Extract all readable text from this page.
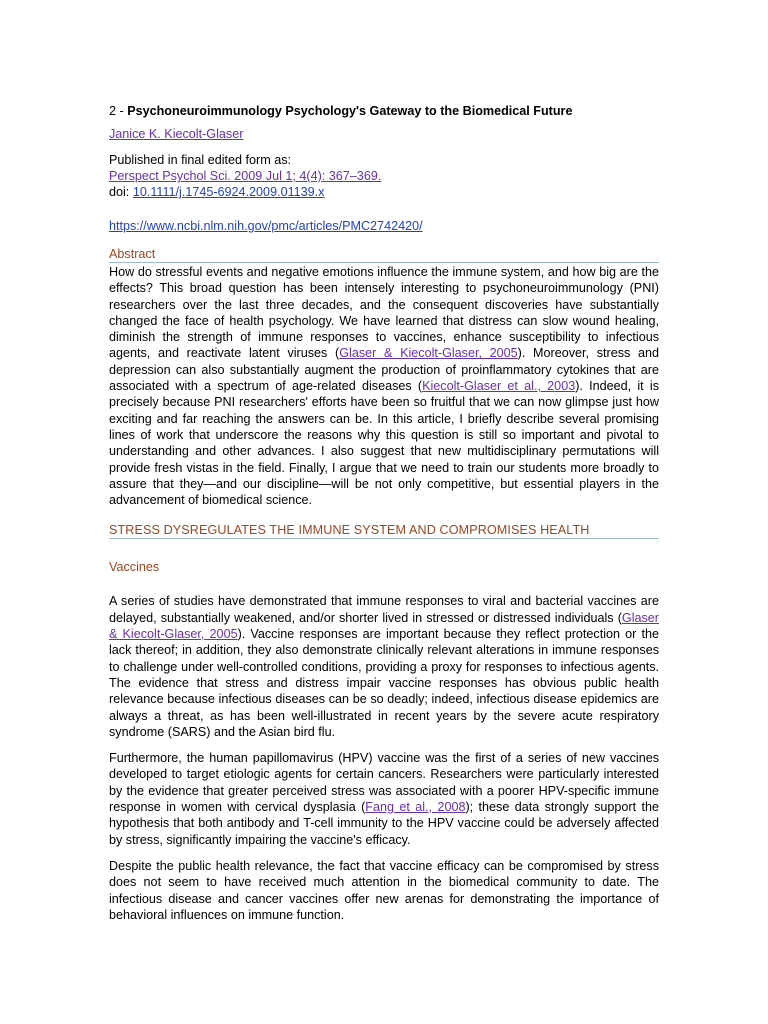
2 - Psychoneuroimmunology Psychology's Gateway to the Biomedical Future
Janice K. Kiecolt-Glaser
Published in final edited form as:
Perspect Psychol Sci. 2009 Jul 1; 4(4): 367–369.
doi: 10.1111/j.1745-6924.2009.01139.x
https://www.ncbi.nlm.nih.gov/pmc/articles/PMC2742420/
Abstract

How do stressful events and negative emotions influence the immune system, and how big are the effects? This broad question has been intensely interesting to psychoneuroimmunology (PNI) researchers over the last three decades, and the consequent discoveries have substantially changed the face of health psychology. We have learned that distress can slow wound healing, diminish the strength of immune responses to vaccines, enhance susceptibility to infectious agents, and reactivate latent viruses (Glaser & Kiecolt-Glaser, 2005). Moreover, stress and depression can also substantially augment the production of proinflammatory cytokines that are associated with a spectrum of age-related diseases (Kiecolt-Glaser et al., 2003). Indeed, it is precisely because PNI researchers' efforts have been so fruitful that we can now glimpse just how exciting and far reaching the answers can be. In this article, I briefly describe several promising lines of work that underscore the reasons why this question is still so important and pivotal to understanding and other advances. I also suggest that new multidisciplinary permutations will provide fresh vistas in the field. Finally, I argue that we need to train our students more broadly to assure that they—and our discipline—will be not only competitive, but essential players in the advancement of biomedical science.

STRESS DYSREGULATES THE IMMUNE SYSTEM AND COMPROMISES HEALTH
Vaccines

A series of studies have demonstrated that immune responses to viral and bacterial vaccines are delayed, substantially weakened, and/or shorter lived in stressed or distressed individuals (Glaser & Kiecolt-Glaser, 2005). Vaccine responses are important because they reflect protection or the lack thereof; in addition, they also demonstrate clinically relevant alterations in immune responses to challenge under well-controlled conditions, providing a proxy for responses to infectious agents. The evidence that stress and distress impair vaccine responses has obvious public health relevance because infectious diseases can be so deadly; indeed, infectious disease epidemics are always a threat, as has been well-illustrated in recent years by the severe acute respiratory syndrome (SARS) and the Asian bird flu.

Furthermore, the human papillomavirus (HPV) vaccine was the first of a series of new vaccines developed to target etiologic agents for certain cancers. Researchers were particularly interested by the evidence that greater perceived stress was associated with a poorer HPV-specific immune response in women with cervical dysplasia (Fang et al., 2008); these data strongly support the hypothesis that both antibody and T-cell immunity to the HPV vaccine could be adversely affected by stress, significantly impairing the vaccine's efficacy.

Despite the public health relevance, the fact that vaccine efficacy can be compromised by stress does not seem to have received much attention in the biomedical community to date. The infectious disease and cancer vaccines offer new arenas for demonstrating the importance of behavioral influences on immune function.
